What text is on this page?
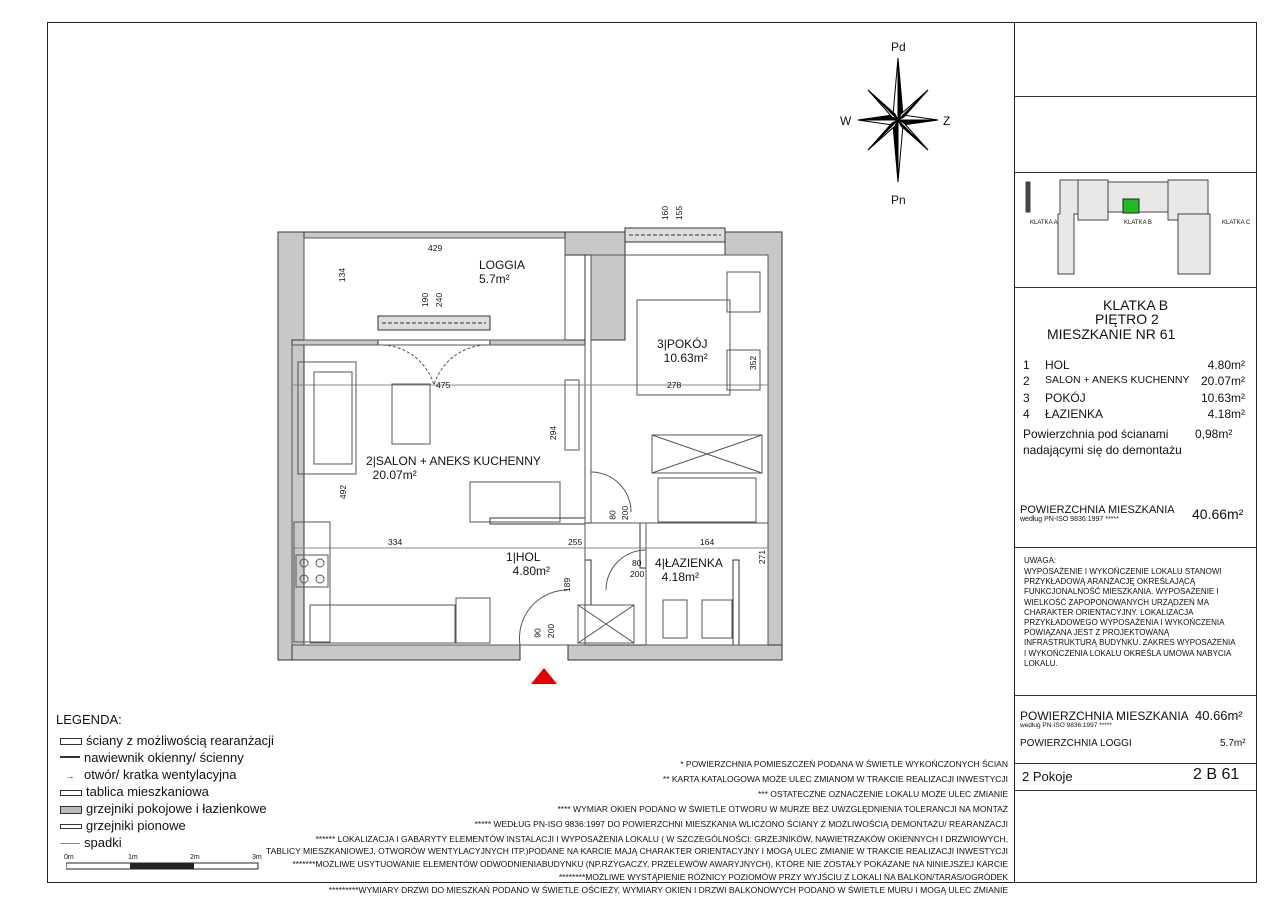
LOGGIA
5.7m²
2|SALON + ANEKS KUCHENNY
20.07m²
3|POKÓJ
10.63m²
1|HOL
4.80m²
4|ŁAZIENKA
4.18m²
429
134
190 240
475
160 155
278
352
294
492
334	255	164
271
80 200
80
200
90 200
189
Pd
Pn
W	Z
KLATKA A	KLATKA B	KLATKA C
KLATKA B
PIĘTRO 2
MIESZKANIE NR 61
1 HOL	4.80m²
2 SALON + ANEKS KUCHENNY 20.07m²
3 POKÓJ	10.63m²
4 ŁAZIENKA	4.18m²
Powierzchnia pod ścianami
nadającymi się do demontażu
0,98m²
POWIERZCHNIA MIESZKANIA
według PN-ISO 9836:1997 *****	40.66m²
UWAGA:
WYPOSAŻENIE I WYKOŃCZENIE LOKALU STANOWI
PRZYKŁADOWĄ ARANŻACJĘ OKREŚLAJĄCĄ
FUNKCJONALNOŚĆ MIESZKANIA. WYPOSAŻENIE I
WIELKOŚĆ ZAPOPONOWANYCH URZĄDZEŃ MA
CHARAKTER ORIENTACYJNY. LOKALIZACJA
PRZYKŁADOWEGO WYPOSAŻENIA I WYKOŃCZENIA
POWIĄZANA JEST Z PROJEKTOWANĄ
INFRASTRUKTURĄ BUDYNKU. ZAKRES WYPOSAŻENIA
I WYKOŃCZENIA LOKALU OKREŚLA UMOWA NABYCIA
LOKALU.
POWIERZCHNIA MIESZKANIA 40.66m²
według PN-ISO 9836:1997 *****
POWIERZCHNIA LOGGI	5.7m²
2 Pokoje	2 B 61
LEGENDA:
ściany z możliwością rearanżacji
nawiewnik okienny/ ścienny
→ otwór/ kratka wentylacyjna
tablica mieszkaniowa
grzejniki pokojowe i łazienkowe
grzejniki pionowe
spadki
0m	1m	2m	3m
* POWIERZCHNIA POMIESZCZEŃ PODANA W ŚWIETLE WYKOŃCZONYCH ŚCIAN
** KARTA KATALOGOWA MOŻE ULEC ZMIANOM W TRAKCIE REALIZACJI INWESTYCJI
*** OSTATECZNE OZNACZENIE LOKALU MOŻE ULEC ZMIANIE
**** WYMIAR OKIEN PODANO W ŚWIETLE OTWORU W MURZE BEZ UWZGLĘDNIENIA TOLERANCJI NA MONTAŻ
***** WEDŁUG PN-ISO 9836:1997 DO POWIERZCHNI MIESZKANIA WLICZONO ŚCIANY Z MOŻLIWOŚCIĄ DEMONTAŻU/ REARANŻACJI
****** LOKALIZACJA I GABARYTY ELEMENTÓW INSTALACJI I WYPOSAŻENIA LOKALU ( W SZCZEGÓLNOŚCI: GRZEJNIKÓW, NAWIETRZAKÓW OKIENNYCH I DRZWIOWYCH,
TABLICY MIESZKANIOWEJ, OTWORÓW WENTYLACYJNYCH ITP.)PODANE NA KARCIE MAJĄ CHARAKTER ORIENTACYJNY I MOGĄ ULEC ZMIANIE W TRAKCIE REALIZACJI INWESTYCJI
*******MOŻLIWE USYTUOWANIE ELEMENTÓW ODWODNIENIABUDYNKU (NP.RZYGACZY, PRZELEWÓW AWARYJNYCH), KTÓRE NIE ZOSTAŁY POKAZANE NA NINIEJSZEJ KARCIE
********MOŻLIWE WYSTĄPIENIE RÓŻNICY POZIOMÓW PRZY WYJŚCIU Z LOKALI NA BALKON/TARAS/OGRÓDEK
*********WYMIARY DRZWI DO MIESZKAŃ PODANO W ŚWIETLE OŚCIEŻY, WYMIARY OKIEN I DRZWI BALKONOWYCH PODANO W ŚWIETLE MURU I MOGĄ ULEC ZMIANIE
